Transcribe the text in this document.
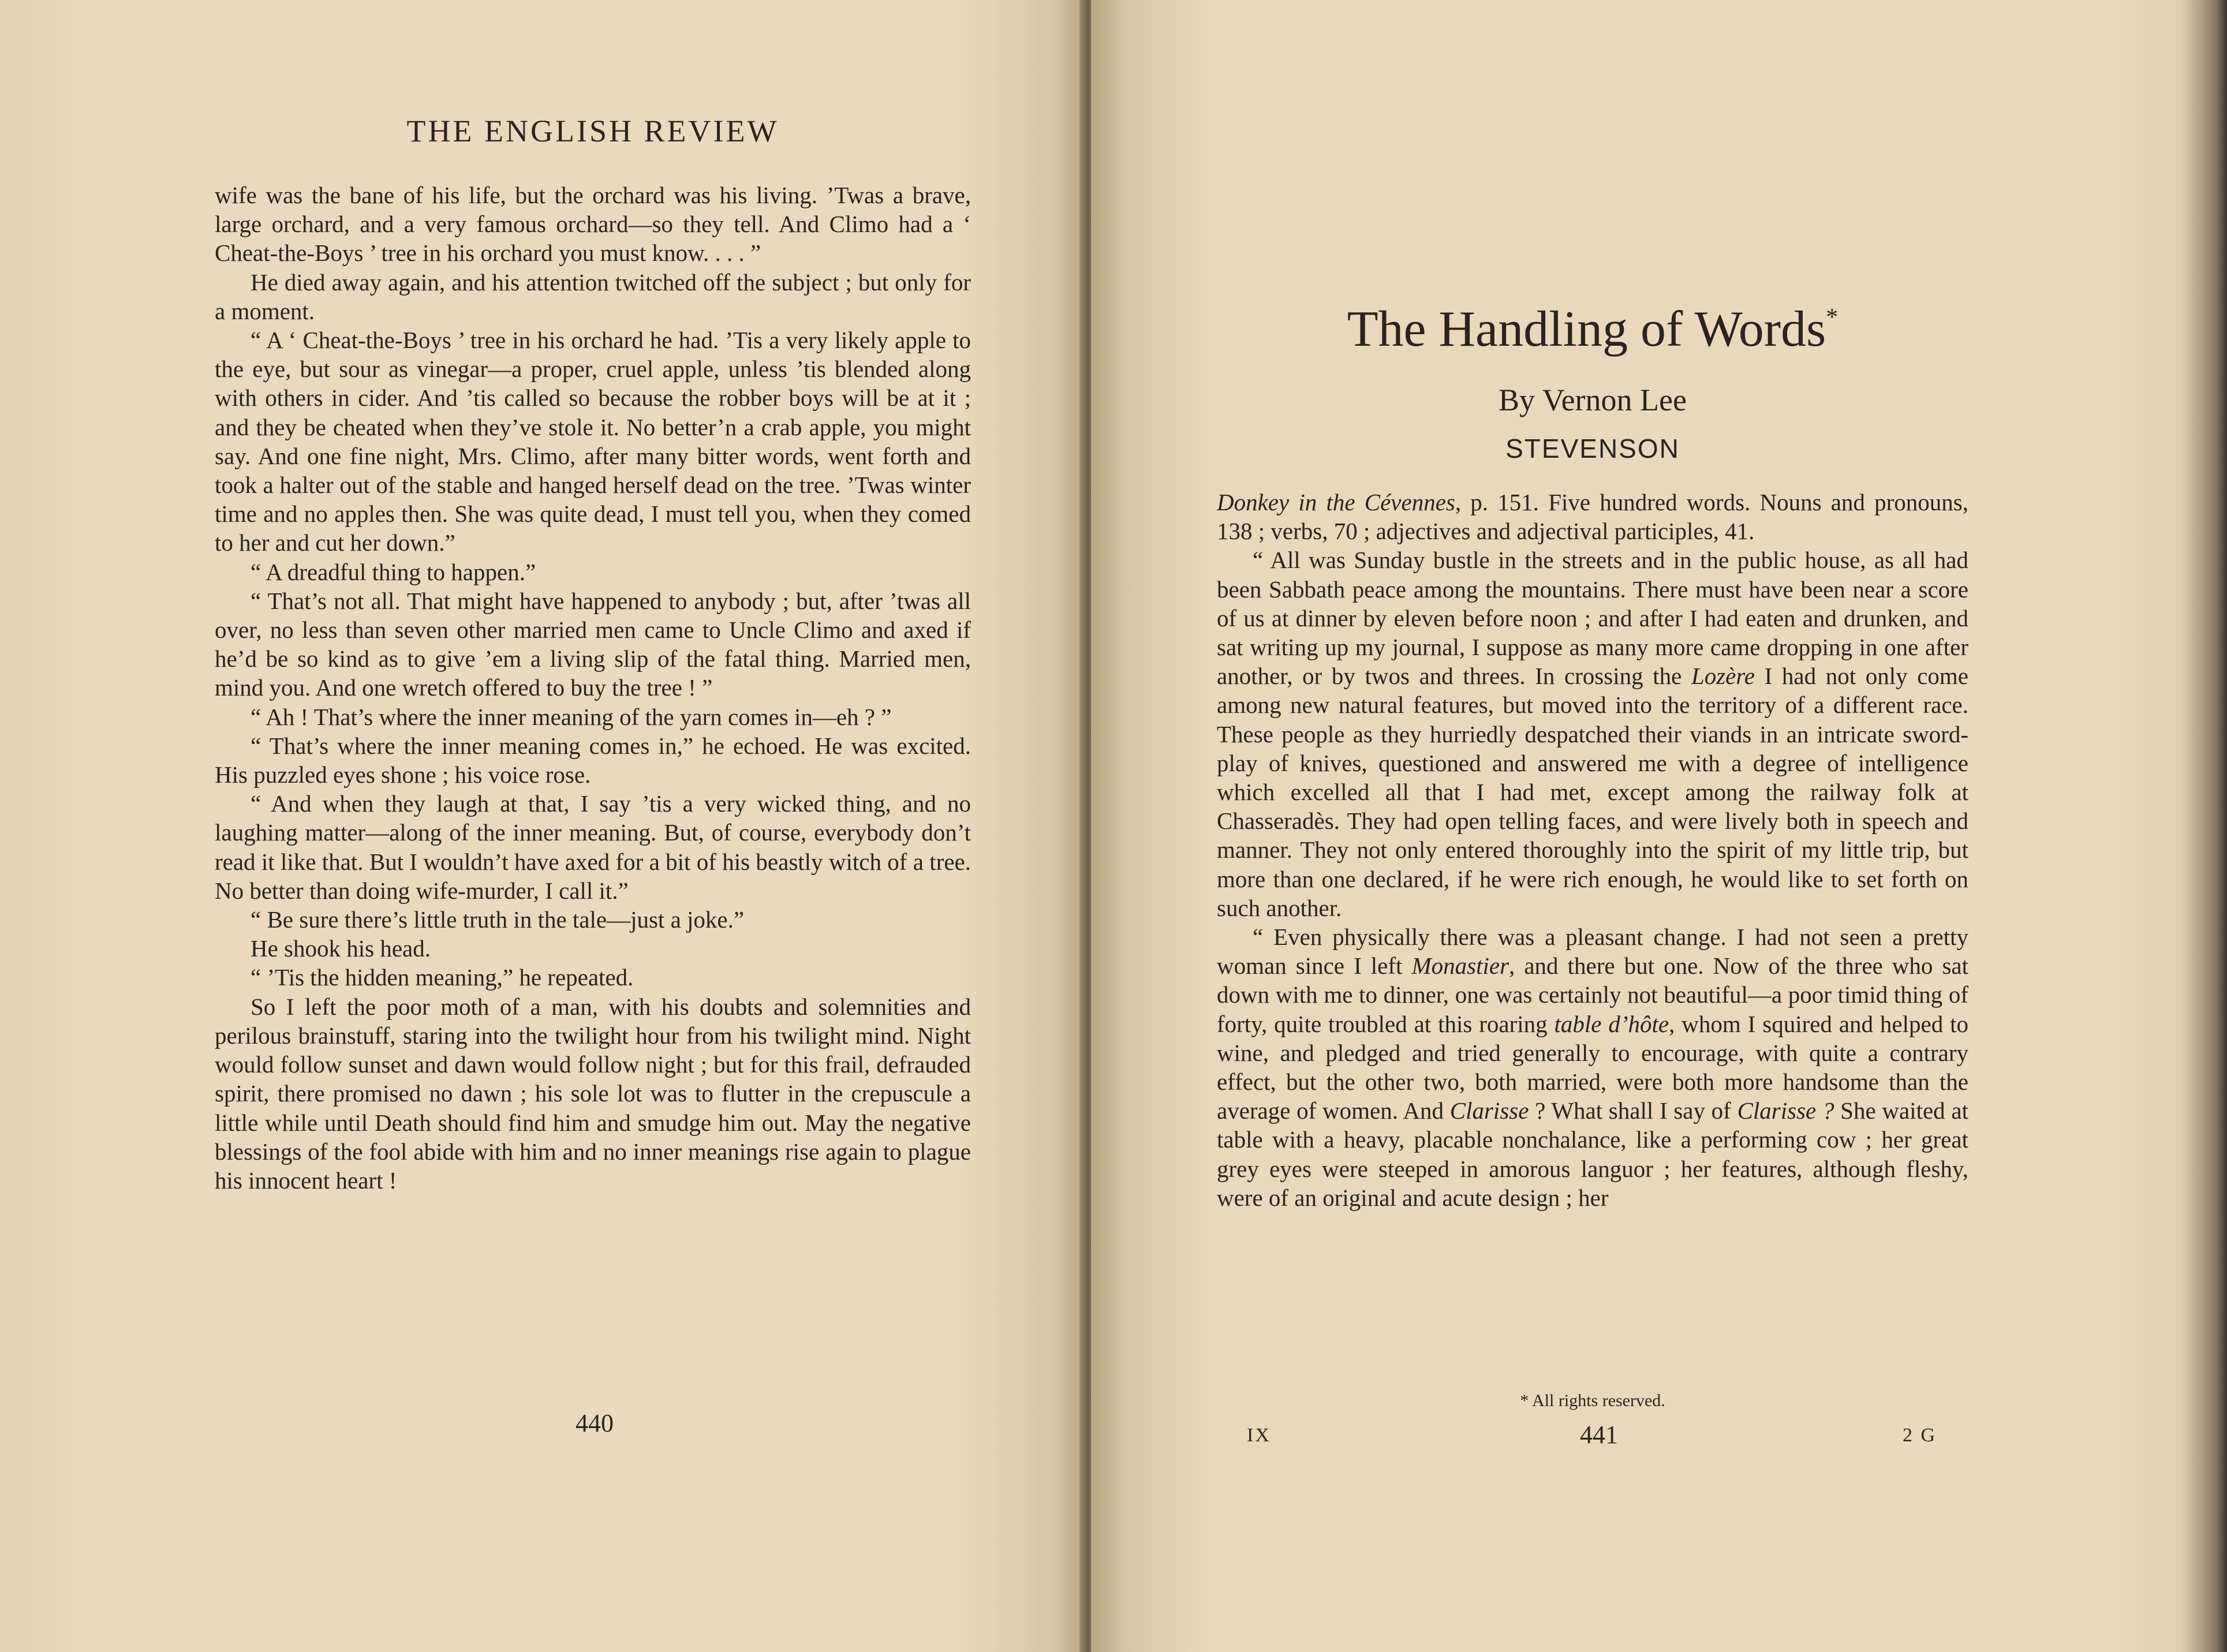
THE ENGLISH REVIEW

wife was the bane of his life, but the orchard was his living. ’Twas a brave, large orchard, and a very famous orchard—so they tell. And Climo had a ‘ Cheat-the-Boys ’ tree in his orchard you must know. . . . ”

He died away again, and his attention twitched off the subject ; but only for a moment.

“ A ‘ Cheat-the-Boys ’ tree in his orchard he had. ’Tis a very likely apple to the eye, but sour as vinegar—a proper, cruel apple, unless ’tis blended along with others in cider. And ’tis called so because the robber boys will be at it ; and they be cheated when they’ve stole it. No better’n a crab apple, you might say. And one fine night, Mrs. Climo, after many bitter words, went forth and took a halter out of the stable and hanged herself dead on the tree. ’Twas winter time and no apples then. She was quite dead, I must tell you, when they comed to her and cut her down.”

“ A dreadful thing to happen.”

“ That’s not all. That might have happened to anybody ; but, after ’twas all over, no less than seven other married men came to Uncle Climo and axed if he’d be so kind as to give ’em a living slip of the fatal thing. Married men, mind you. And one wretch offered to buy the tree ! ”

“ Ah ! That’s where the inner meaning of the yarn comes in—eh ? ”

“ That’s where the inner meaning comes in,” he echoed. He was excited. His puzzled eyes shone ; his voice rose.

“ And when they laugh at that, I say ’tis a very wicked thing, and no laughing matter—along of the inner meaning. But, of course, everybody don’t read it like that. But I wouldn’t have axed for a bit of his beastly witch of a tree. No better than doing wife-murder, I call it.”

“ Be sure there’s little truth in the tale—just a joke.”

He shook his head.

“ ’Tis the hidden meaning,” he repeated.

So I left the poor moth of a man, with his doubts and solemnities and perilous brainstuff, staring into the twilight hour from his twilight mind. Night would follow sunset and dawn would follow night ; but for this frail, defrauded spirit, there promised no dawn ; his sole lot was to flutter in the crepuscule a little while until Death should find him and smudge him out. May the negative blessings of the fool abide with him and no inner meanings rise again to plague his innocent heart !

440
The Handling of Words*
By Vernon Lee
STEVENSON

Donkey in the Cévennes, p. 151. Five hundred words. Nouns and pronouns, 138 ; verbs, 70 ; adjectives and adjectival participles, 41.

“ All was Sunday bustle in the streets and in the public house, as all had been Sabbath peace among the mountains. There must have been near a score of us at dinner by eleven before noon ; and after I had eaten and drunken, and sat writing up my journal, I suppose as many more came dropping in one after another, or by twos and threes. In crossing the Lozère I had not only come among new natural features, but moved into the territory of a different race. These people as they hurriedly despatched their viands in an intricate sword-play of knives, questioned and answered me with a degree of intelligence which excelled all that I had met, except among the railway folk at Chasseradès. They had open telling faces, and were lively both in speech and manner. They not only entered thoroughly into the spirit of my little trip, but more than one declared, if he were rich enough, he would like to set forth on such another.

“ Even physically there was a pleasant change. I had not seen a pretty woman since I left Monastier, and there but one. Now of the three who sat down with me to dinner, one was certainly not beautiful—a poor timid thing of forty, quite troubled at this roaring table d’hôte, whom I squired and helped to wine, and pledged and tried generally to encourage, with quite a contrary effect, but the other two, both married, were both more handsome than the average of women. And Clarisse ? What shall I say of Clarisse ? She waited at table with a heavy, placable nonchalance, like a performing cow ; her great grey eyes were steeped in amorous languor ; her features, although fleshy, were of an original and acute design ; her

* All rights reserved.
IX	441	2 G
